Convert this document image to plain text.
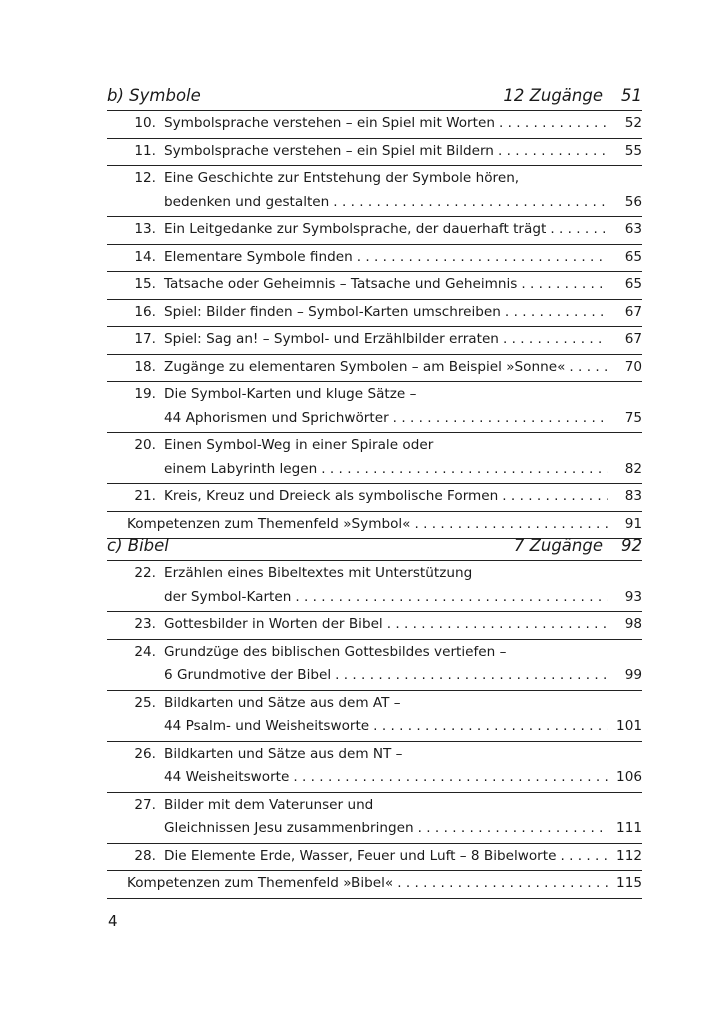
b) Symbole	12 Zugänge 51
10. Symbolsprache verstehen – ein Spiel mit Worten . . .	52
11. Symbolsprache verstehen – ein Spiel mit Bildern . . .	55
12. Eine Geschichte zur Entstehung der Symbole hören,
bedenken und gestalten . . .	56
13. Ein Leitgedanke zur Symbolsprache, der dauerhaft trägt . . .	63
14. Elementare Symbole finden . . .	65
15. Tatsache oder Geheimnis – Tatsache und Geheimnis . . .	65
16. Spiel: Bilder finden – Symbol-Karten umschreiben . . .	67
17. Spiel: Sag an! – Symbol- und Erzählbilder erraten . . .	67
18. Zugänge zu elementaren Symbolen – am Beispiel »Sonne« . . .	70
19. Die Symbol-Karten und kluge Sätze –
44 Aphorismen und Sprichwörter . . .	75
20. Einen Symbol-Weg in einer Spirale oder
einem Labyrinth legen . . .	82
21. Kreis, Kreuz und Dreieck als symbolische Formen . . .	83
Kompetenzen zum Themenfeld »Symbol« . . .	91
c) Bibel	7 Zugänge 92
22. Erzählen eines Bibeltextes mit Unterstützung
der Symbol-Karten . . .	93
23. Gottesbilder in Worten der Bibel . . .	98
24. Grundzüge des biblischen Gottesbildes vertiefen –
6 Grundmotive der Bibel . . .	99
25. Bildkarten und Sätze aus dem AT –
44 Psalm- und Weisheitsworte . . .	101
26. Bildkarten und Sätze aus dem NT –
44 Weisheitsworte . . .	106
27. Bilder mit dem Vaterunser und
Gleichnissen Jesu zusammenbringen . . .	111
28. Die Elemente Erde, Wasser, Feuer und Luft – 8 Bibelworte . . .	112
Kompetenzen zum Themenfeld »Bibel« . . .	115
4
